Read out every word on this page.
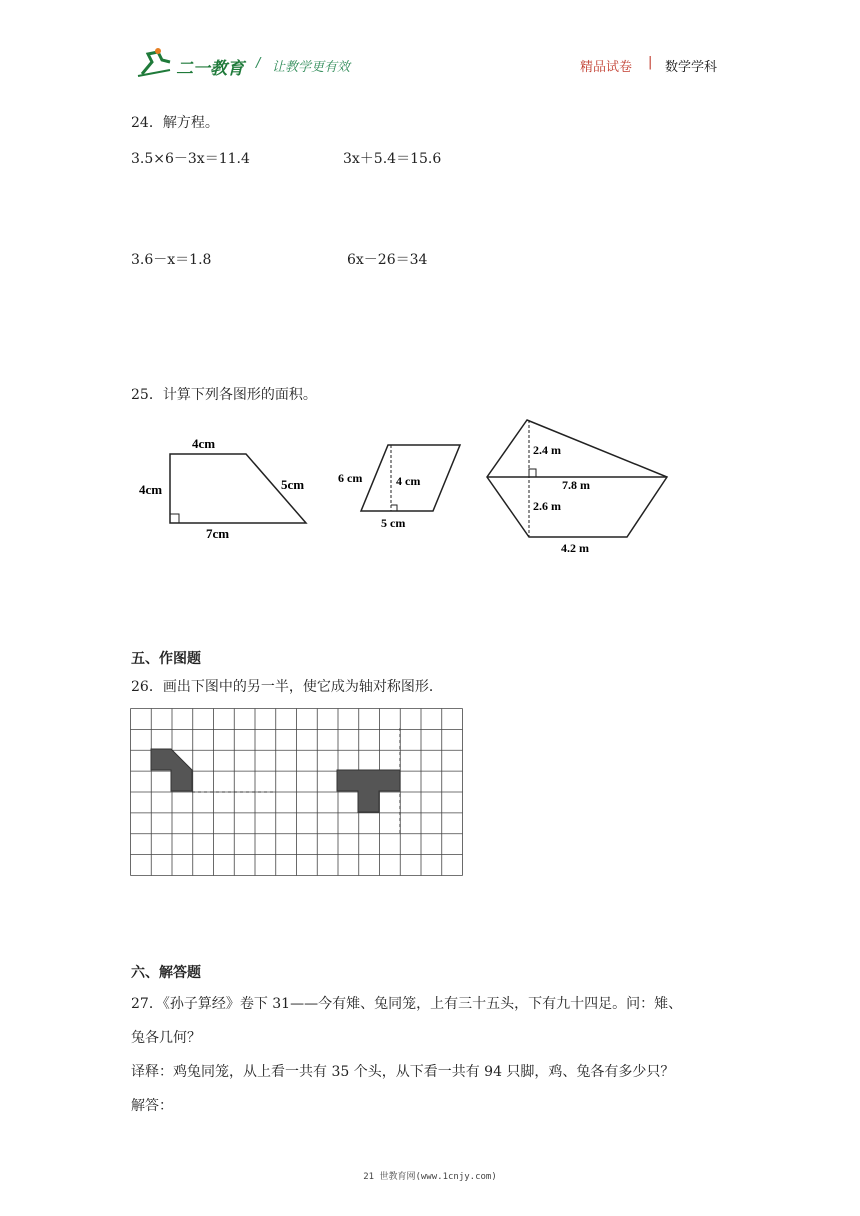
二一教育 / 让教学更有效	精品试卷 | 数学学科
24．解方程。
3.5×6－3x＝11.4	3x＋5.4＝15.6
3.6－x＝1.8	6x－26＝34
25．计算下列各图形的面积。
4cm
4cm	5cm
7cm
6 cm	4 cm
5 cm
2.4 m
7.8 m
2.6 m
4.2 m
五、作图题
26．画出下图中的另一半，使它成为轴对称图形．
六、解答题
27．《孙子算经》卷下 31——今有雉、兔同笼，上有三十五头，下有九十四足。问：雉、
兔各几何？
译释：鸡兔同笼，从上看一共有 35 个头，从下看一共有 94 只脚，鸡、兔各有多少只？
解答：
21 世教育网(www.1cnjy.com)
